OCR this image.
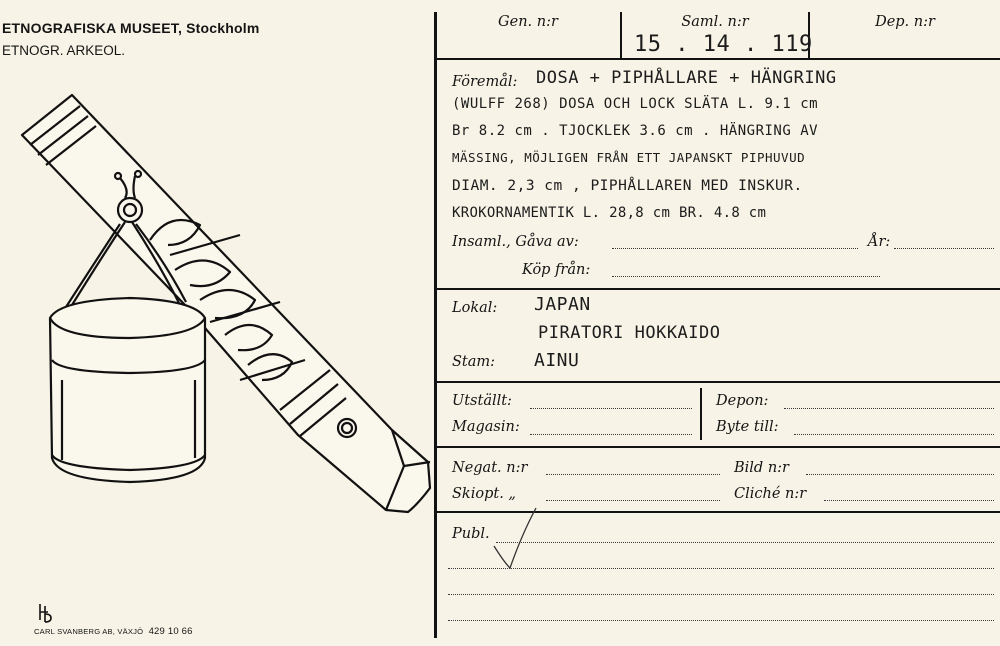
ETNOGRAFISKA MUSEET, Stockholm
ETNOGR. ARKEOL.
CARL SVANBERG AB, VÄXJÖ 429 10 66
Gen. n:r	Saml. n:r
15 . 14 . 119
Dep. n:r
Föremål: DOSA + PIPHÅLLARE + HÄNGRING
(WULFF 268) DOSA OCH LOCK SLÄTA L. 9.1 cm
Br 8.2 cm . TJOCKLEK 3.6 cm . HÄNGRING AV
MÄSSING, MÖJLIGEN FRÅN ETT JAPANSKT PIPHUVUD
DIAM. 2,3 cm , PIPHÅLLAREN MED INSKUR.
KROKORNAMENTIK L. 28,8 cm BR. 4.8 cm
Insaml., Gåva av:	År:
Köp från:
Lokal: JAPAN
PIRATORI HOKKAIDO
Stam: AINU
Utställt:	Depon:
Magasin:	Byte till:
Negat. n:r	Bild n:r
Skiopt. „	Cliché n:r
Publ.
